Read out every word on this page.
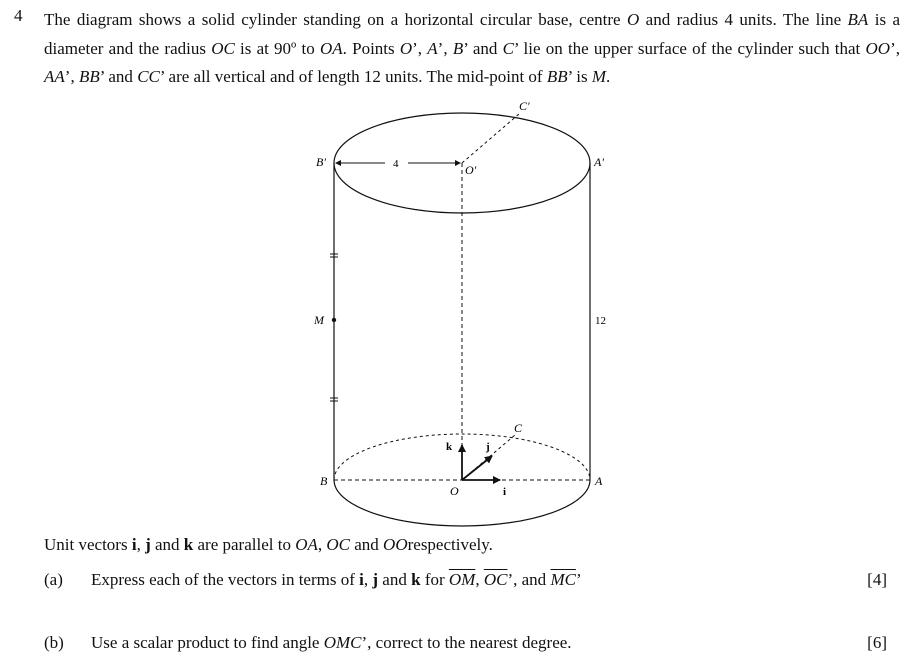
4 The diagram shows a solid cylinder standing on a horizontal circular base, centre O and radius 4 units. The line BA is a diameter and the radius OC is at 90º to OA. Points O’, A’, B’ and C’ lie on the upper surface of the cylinder such that OO’, AA’, BB’ and CC’ are all vertical and of length 12 units. The mid-point of BB’ is M.
C'
B'	A'
O'
4
M	12
B	A
O
C
k	j
i
Unit vectors i, j and k are parallel to OA, OC and OOrespectively.
(a) Express each of the vectors in terms of i, j and k for $\overline{OM}$, $\overline{OC}$’, and $\overline{MC}$’	[4]
(b) Use a scalar product to find angle OMC’, correct to the nearest degree.	[6]
